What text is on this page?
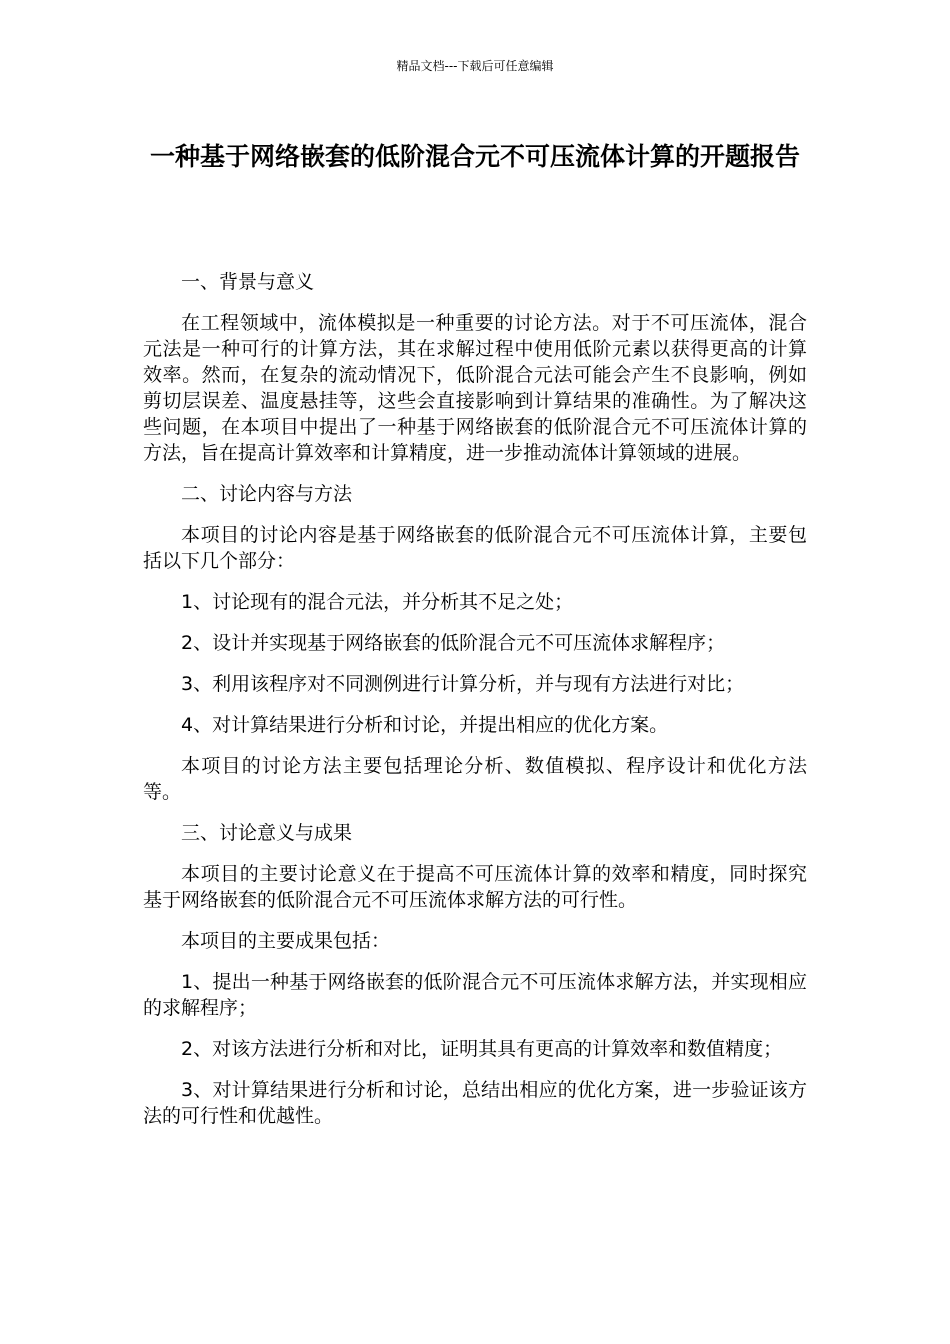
精品文档---下载后可任意编辑
一种基于网络嵌套的低阶混合元不可压流体计算的开题报告

一、背景与意义

在工程领域中，流体模拟是一种重要的讨论方法。对于不可压流体，混合元法是一种可行的计算方法，其在求解过程中使用低阶元素以获得更高的计算效率。然而，在复杂的流动情况下，低阶混合元法可能会产生不良影响，例如剪切层误差、温度悬挂等，这些会直接影响到计算结果的准确性。为了解决这些问题，在本项目中提出了一种基于网络嵌套的低阶混合元不可压流体计算的方法，旨在提高计算效率和计算精度，进一步推动流体计算领域的进展。

二、讨论内容与方法

本项目的讨论内容是基于网络嵌套的低阶混合元不可压流体计算，主要包括以下几个部分：

1、讨论现有的混合元法，并分析其不足之处；

2、设计并实现基于网络嵌套的低阶混合元不可压流体求解程序；

3、利用该程序对不同测例进行计算分析，并与现有方法进行对比；

4、对计算结果进行分析和讨论，并提出相应的优化方案。

本项目的讨论方法主要包括理论分析、数值模拟、程序设计和优化方法等。

三、讨论意义与成果

本项目的主要讨论意义在于提高不可压流体计算的效率和精度，同时探究基于网络嵌套的低阶混合元不可压流体求解方法的可行性。

本项目的主要成果包括：

1、提出一种基于网络嵌套的低阶混合元不可压流体求解方法，并实现相应的求解程序；

2、对该方法进行分析和对比，证明其具有更高的计算效率和数值精度；

3、对计算结果进行分析和讨论，总结出相应的优化方案，进一步验证该方法的可行性和优越性。
